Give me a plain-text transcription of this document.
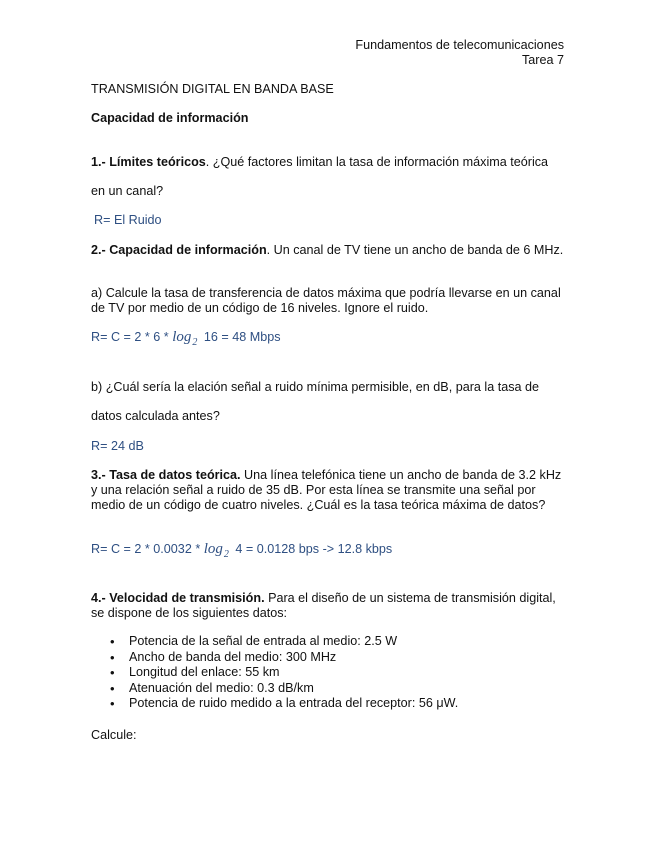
Fundamentos de telecomunicaciones
Tarea 7
TRANSMISIÓN DIGITAL EN BANDA BASE
Capacidad de información
1.- Límites teóricos. ¿Qué factores limitan la tasa de información máxima teórica
en un canal?
R= El Ruido
2.- Capacidad de información. Un canal de TV tiene un ancho de banda de 6 MHz.
a) Calcule la tasa de transferencia de datos máxima que podría llevarse en un canal de TV por medio de un código de 16 niveles. Ignore el ruido.
$R= C = 2 * 6 * \log_2 16 = 48$ Mbps
b) ¿Cuál sería la elación señal a ruido mínima permisible, en dB, para la tasa de
datos calculada antes?
R= 24 dB
3.- Tasa de datos teórica. Una línea telefónica tiene un ancho de banda de 3.2 kHz y una relación señal a ruido de 35 dB. Por esta línea se transmite una señal por medio de un código de cuatro niveles. ¿Cuál es la tasa teórica máxima de datos?
$R= C = 2 * 0.0032 * \log_2 4 = 0.0128$ bps -> 12.8 kbps
4.- Velocidad de transmisión. Para el diseño de un sistema de transmisión digital, se dispone de los siguientes datos:
• Potencia de la señal de entrada al medio: 2.5 W
• Ancho de banda del medio: 300 MHz
• Longitud del enlace: 55 km
• Atenuación del medio: 0.3 dB/km
• Potencia de ruido medido a la entrada del receptor: 56 μW.
Calcule:
